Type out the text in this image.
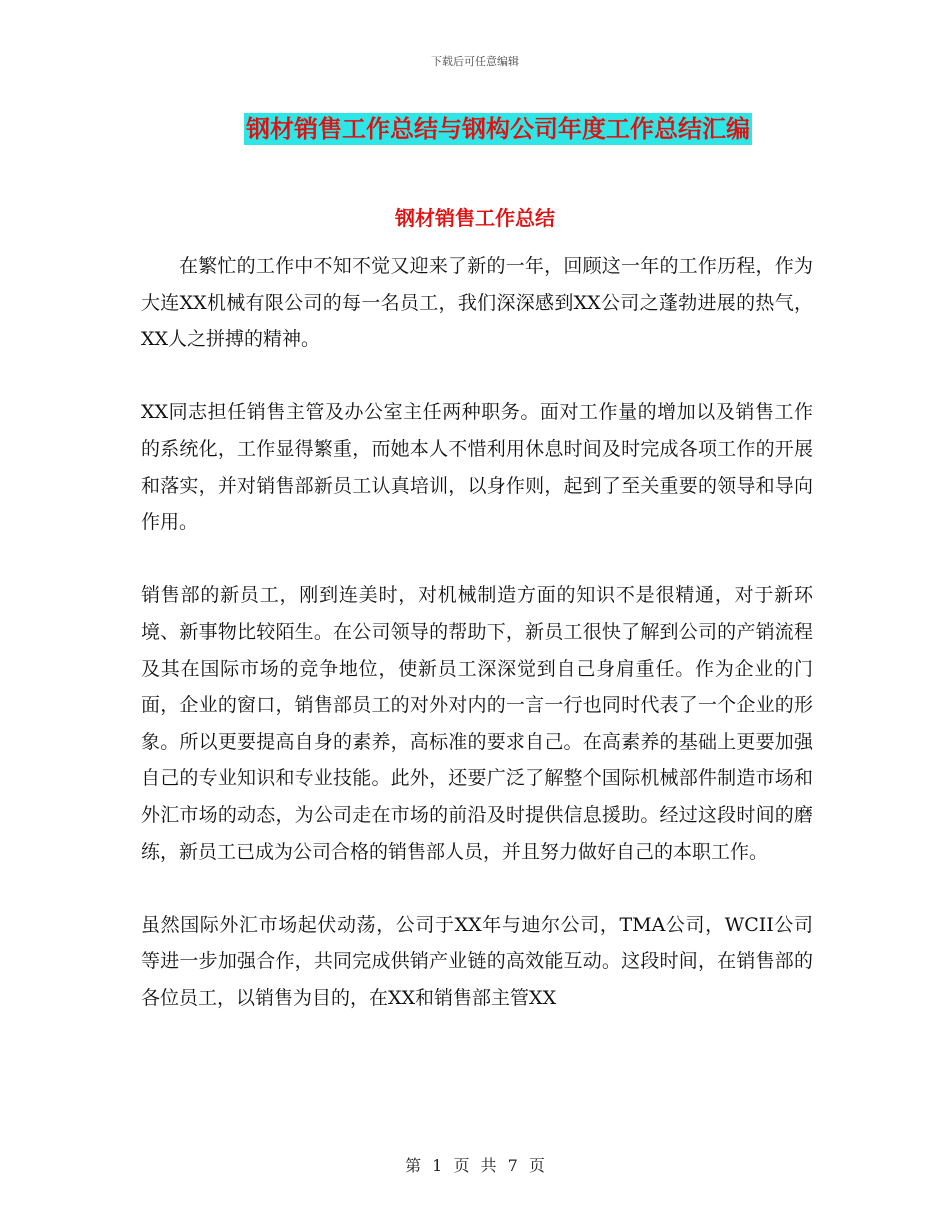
下载后可任意编辑
钢材销售工作总结与钢构公司年度工作总结汇编
钢材销售工作总结

在繁忙的工作中不知不觉又迎来了新的一年，回顾这一年的工作历程，作为大连XX机械有限公司的每一名员工，我们深深感到XX公司之蓬勃进展的热气，XX人之拼搏的精神。

XX同志担任销售主管及办公室主任两种职务。面对工作量的增加以及销售工作的系统化，工作显得繁重，而她本人不惜利用休息时间及时完成各项工作的开展和落实，并对销售部新员工认真培训，以身作则，起到了至关重要的领导和导向作用。

销售部的新员工，刚到连美时，对机械制造方面的知识不是很精通，对于新环境、新事物比较陌生。在公司领导的帮助下，新员工很快了解到公司的产销流程及其在国际市场的竞争地位，使新员工深深觉到自己身肩重任。作为企业的门面，企业的窗口，销售部员工的对外对内的一言一行也同时代表了一个企业的形象。所以更要提高自身的素养，高标准的要求自己。在高素养的基础上更要加强自己的专业知识和专业技能。此外，还要广泛了解整个国际机械部件制造市场和外汇市场的动态，为公司走在市场的前沿及时提供信息援助。经过这段时间的磨练，新员工已成为公司合格的销售部人员，并且努力做好自己的本职工作。

虽然国际外汇市场起伏动荡，公司于XX年与迪尔公司，TMA公司，WCII公司等进一步加强合作，共同完成供销产业链的高效能互动。这段时间，在销售部的各位员工，以销售为目的，在XX和销售部主管XX

第 1 页 共 7 页
